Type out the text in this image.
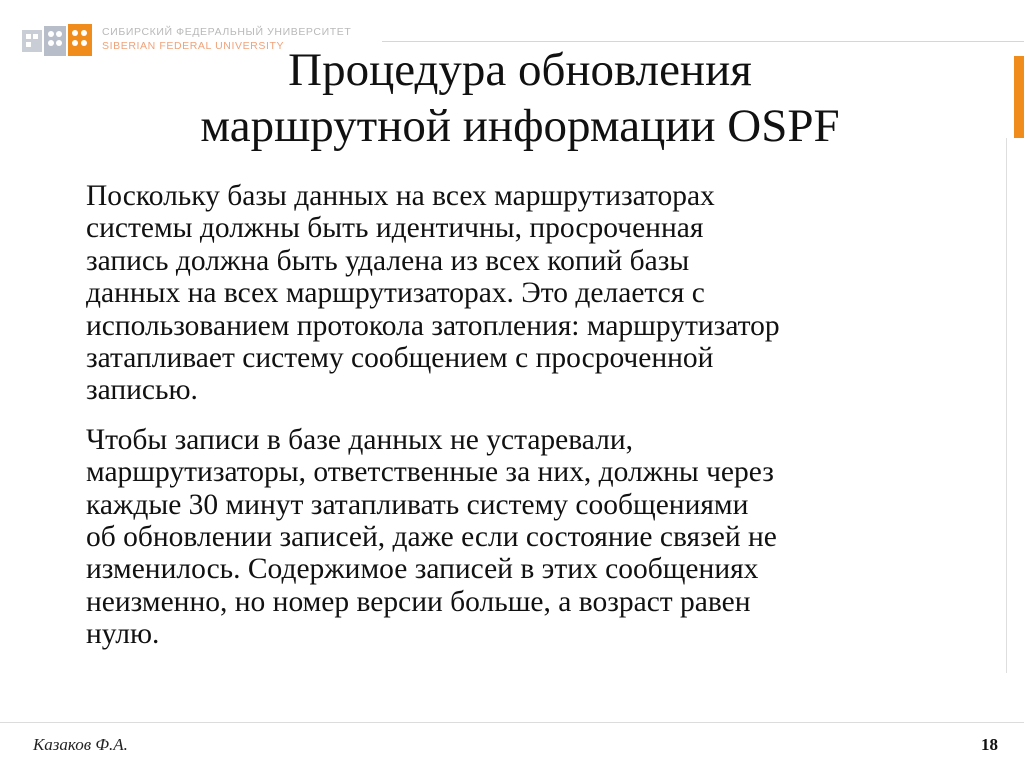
СИБИРСКИЙ ФЕДЕРАЛЬНЫЙ УНИВЕРСИТЕТ
SIBERIAN FEDERAL UNIVERSITY Процедура обновления
маршрутной информации OSPF

Поскольку базы данных на всех маршрутизаторах
системы должны быть идентичны, просроченная
запись должна быть удалена из всех копий базы
данных на всех маршрутизаторах. Это делается с
использованием протокола затопления: маршрутизатор
затапливает систему сообщением с просроченной
записью.

Чтобы записи в базе данных не устаревали,
маршрутизаторы, ответственные за них, должны через
каждые 30 минут затапливать систему сообщениями
об обновлении записей, даже если состояние связей не
изменилось. Содержимое записей в этих сообщениях
неизменно, но номер версии больше, а возраст равен
нулю.

Казаков Ф.А.	18
